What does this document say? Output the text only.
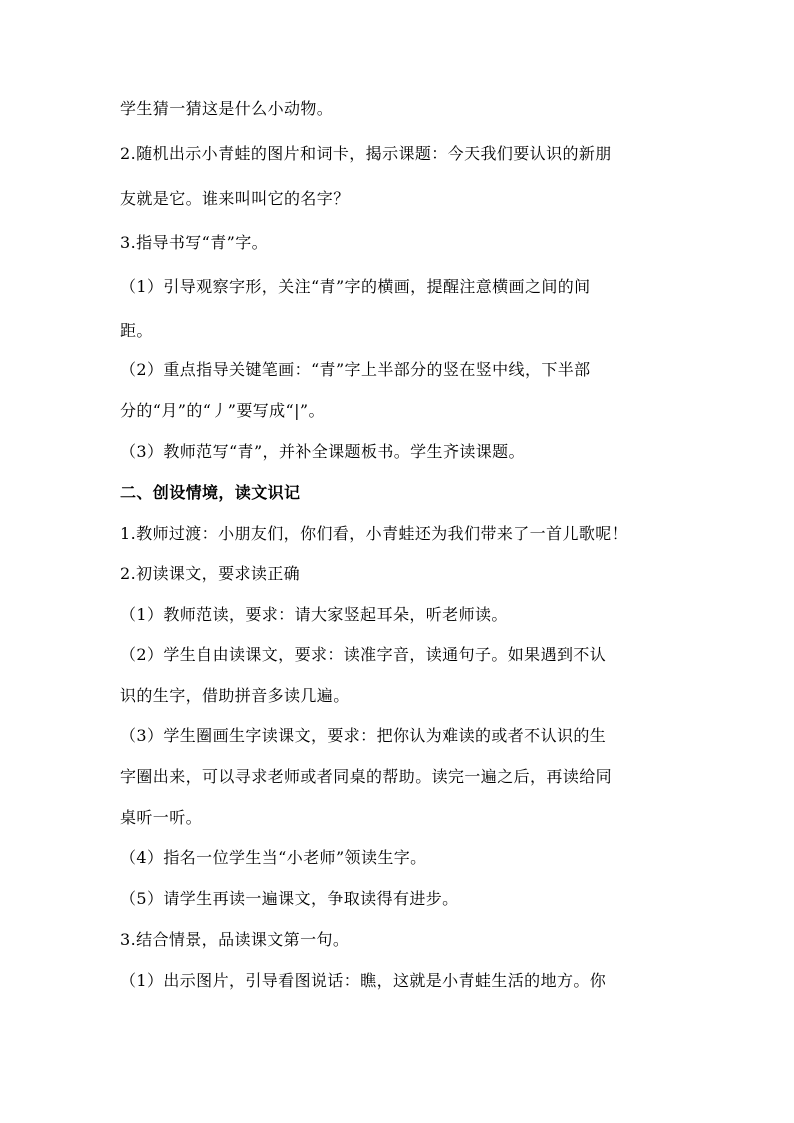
学生猜一猜这是什么小动物。

2.随机出示小青蛙的图片和词卡，揭示课题：今天我们要认识的新朋

友就是它。谁来叫叫它的名字？

3.指导书写“青”字。

（1）引导观察字形，关注“青”字的横画，提醒注意横画之间的间

距。

（2）重点指导关键笔画：“青”字上半部分的竖在竖中线，下半部

分的“月”的“丿”要写成“|”。

（3）教师范写“青”，并补全课题板书。学生齐读课题。

二、创设情境，读文识记

1.教师过渡：小朋友们，你们看，小青蛙还为我们带来了一首儿歌呢！

2.初读课文，要求读正确

（1）教师范读，要求：请大家竖起耳朵，听老师读。

（2）学生自由读课文，要求：读准字音，读通句子。如果遇到不认

识的生字，借助拼音多读几遍。

（3）学生圈画生字读课文，要求：把你认为难读的或者不认识的生

字圈出来，可以寻求老师或者同桌的帮助。读完一遍之后，再读给同

桌听一听。

（4）指名一位学生当“小老师”领读生字。

（5）请学生再读一遍课文，争取读得有进步。

3.结合情景，品读课文第一句。

（1）出示图片，引导看图说话：瞧，这就是小青蛙生活的地方。你
